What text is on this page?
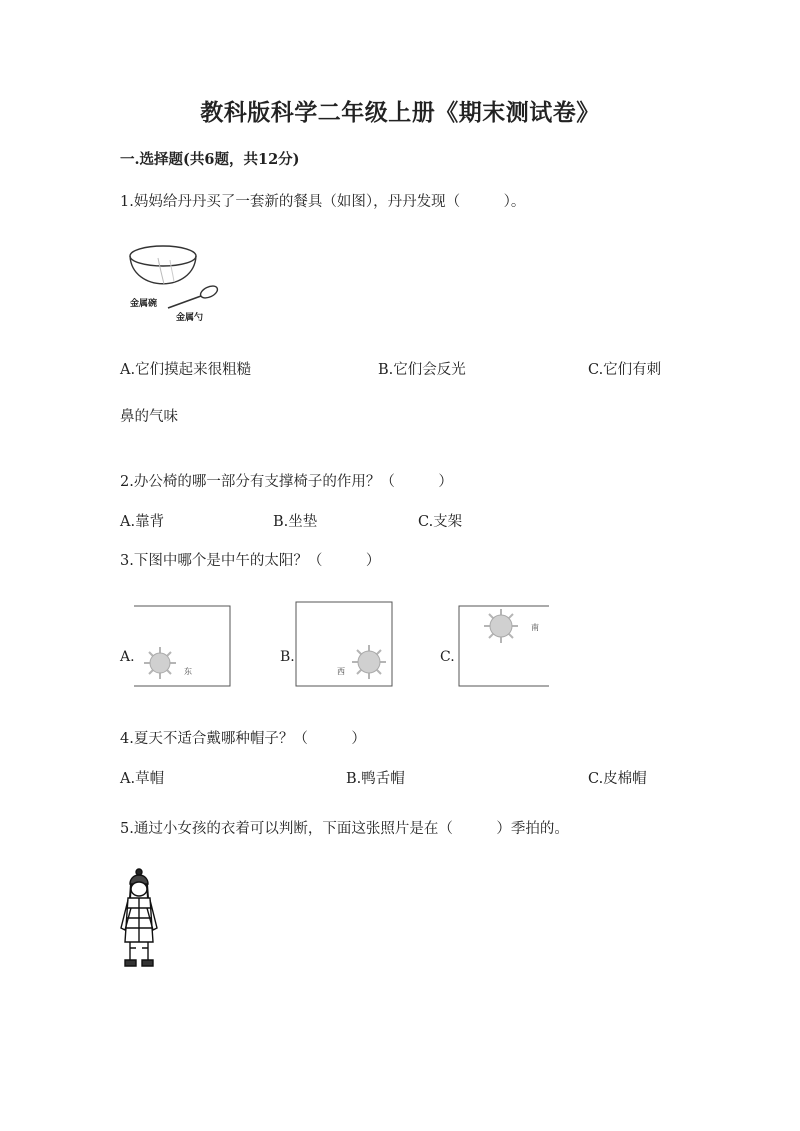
教科版科学二年级上册《期末测试卷》
一.选择题(共6题，共12分)
1.妈妈给丹丹买了一套新的餐具（如图），丹丹发现（　　　）。
金属碗
金属勺
A.它们摸起来很粗糙	B.它们会反光	C.它们有刺
鼻的气味
2.办公椅的哪一部分有支撑椅子的作用？（　　　）
A.靠背	B.坐垫	C.支架
3.下图中哪个是中午的太阳？（　　　）
A.
东
B.
西
C.
南
4.夏天不适合戴哪种帽子？（　　　）
A.草帽	B.鸭舌帽	C.皮棉帽
5.通过小女孩的衣着可以判断，下面这张照片是在（　　　）季拍的。
